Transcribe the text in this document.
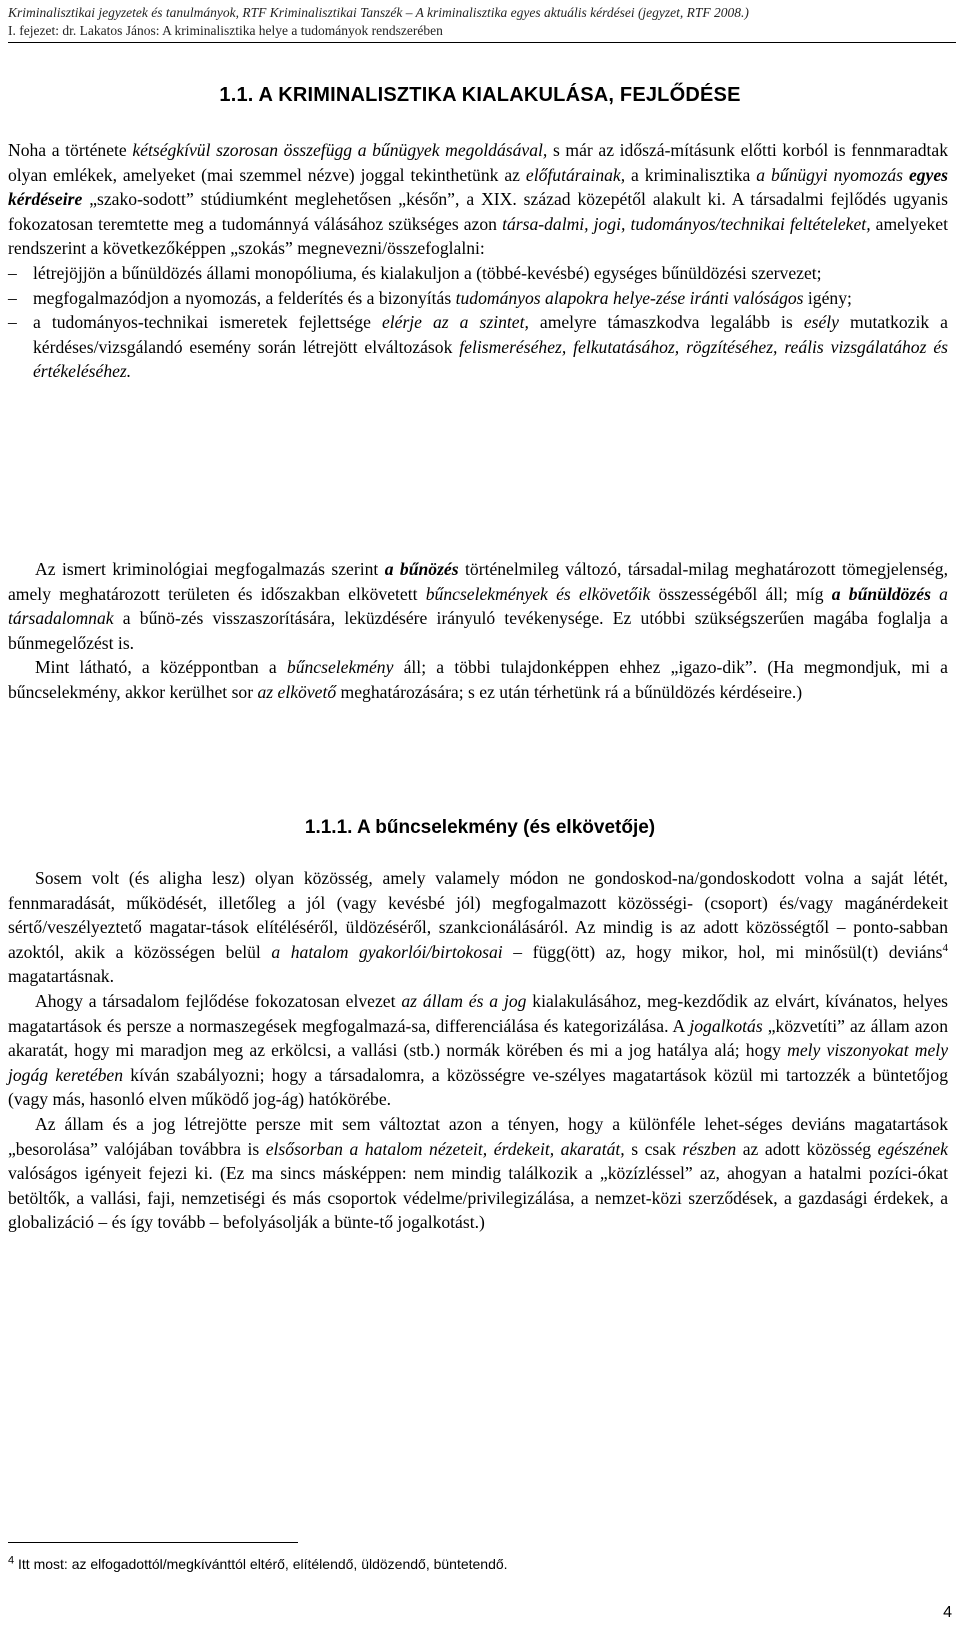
Kriminalisztikai jegyzetek és tanulmányok, RTF Kriminalisztikai Tanszék – A kriminalisztika egyes aktuális kérdései (jegyzet, RTF 2008.)
I. fejezet: dr. Lakatos János: A kriminalisztika helye a tudományok rendszerében
1.1. A KRIMINALISZTIKA KIALAKULÁSA, FEJLŐDÉSE
Noha a története kétségkívül szorosan összefügg a bűnügyek megoldásával, s már az időszá-mításunk előtti korból is fennmaradtak olyan emlékek, amelyeket (mai szemmel nézve) joggal tekinthetünk az előfutárainak, a kriminalisztika a bűnügyi nyomozás egyes kérdéseire „szako-sodott” stúdiumként meglehetősen „későn”, a XIX. század közepétől alakult ki. A társadalmi fejlődés ugyanis fokozatosan teremtette meg a tudománnyá válásához szükséges azon társa-dalmi, jogi, tudományos/technikai feltételeket, amelyeket rendszerint a következőképpen „szokás” megnevezni/összefoglalni:
– létrejöjjön a bűnüldözés állami monopóliuma, és kialakuljon a (többé-kevésbé) egységes bűnüldözési szervezet;
– megfogalmazódjon a nyomozás, a felderítés és a bizonyítás tudományos alapokra helye-zése iránti valóságos igény;
– a tudományos-technikai ismeretek fejlettsége elérje az a szintet, amelyre támaszkodva legalább is esély mutatkozik a kérdéses/vizsgálandó esemény során létrejött elváltozások felismeréséhez, felkutatásához, rögzítéséhez, reális vizsgálatához és értékeléséhez.
Az ismert kriminológiai megfogalmazás szerint a bűnözés történelmileg változó, társadal-milag meghatározott tömegjelenség, amely meghatározott területen és időszakban elkövetett bűncselekmények és elkövetőik összességéből áll; míg a bűnüldözés a társadalomnak a bűnö-zés visszaszorítására, leküzdésére irányuló tevékenysége. Ez utóbbi szükségszerűen magába foglalja a bűnmegelőzést is.
Mint látható, a középpontban a bűncselekmény áll; a többi tulajdonképpen ehhez „igazo-dik”. (Ha megmondjuk, mi a bűncselekmény, akkor kerülhet sor az elkövető meghatározására; s ez után térhetünk rá a bűnüldözés kérdéseire.)
1.1.1. A bűncselekmény (és elkövetője)
Sosem volt (és aligha lesz) olyan közösség, amely valamely módon ne gondoskod-na/gondoskodott volna a saját létét, fennmaradását, működését, illetőleg a jól (vagy kevésbé jól) megfogalmazott közösségi- (csoport) és/vagy magánérdekeit sértő/veszélyeztető magatar-tások elítéléséről, üldözéséről, szankcionálásáról. Az mindig is az adott közösségtől – ponto-sabban azoktól, akik a közösségen belül a hatalom gyakorlói/birtokosai – függ(ött) az, hogy mikor, hol, mi minősül(t) deviáns$^4$ magatartásnak.
Ahogy a társadalom fejlődése fokozatosan elvezet az állam és a jog kialakulásához, meg-kezdődik az elvárt, kívánatos, helyes magatartások és persze a normaszegések megfogalmazá-sa, differenciálása és kategorizálása. A jogalkotás „közvetíti” az állam azon akaratát, hogy mi maradjon meg az erkölcsi, a vallási (stb.) normák körében és mi a jog hatálya alá; hogy mely viszonyokat mely jogág keretében kíván szabályozni; hogy a társadalomra, a közösségre ve-szélyes magatartások közül mi tartozzék a büntetőjog (vagy más, hasonló elven működő jog-ág) hatókörébe.
Az állam és a jog létrejötte persze mit sem változtat azon a tényen, hogy a különféle lehet-séges deviáns magatartások „besorolása” valójában továbbra is elsősorban a hatalom nézeteit, érdekeit, akaratát, s csak részben az adott közösség egészének valóságos igényeit fejezi ki. (Ez ma sincs másképpen: nem mindig találkozik a „közízléssel” az, ahogyan a hatalmi pozíci-ókat betöltők, a vallási, faji, nemzetiségi és más csoportok védelme/privilegizálása, a nemzet-közi szerződések, a gazdasági érdekek, a globalizáció – és így tovább – befolyásolják a bünte-tő jogalkotást.)
$^4$ Itt most: az elfogadottól/megkívánttól eltérő, elítélendő, üldözendő, büntetendő.
4
